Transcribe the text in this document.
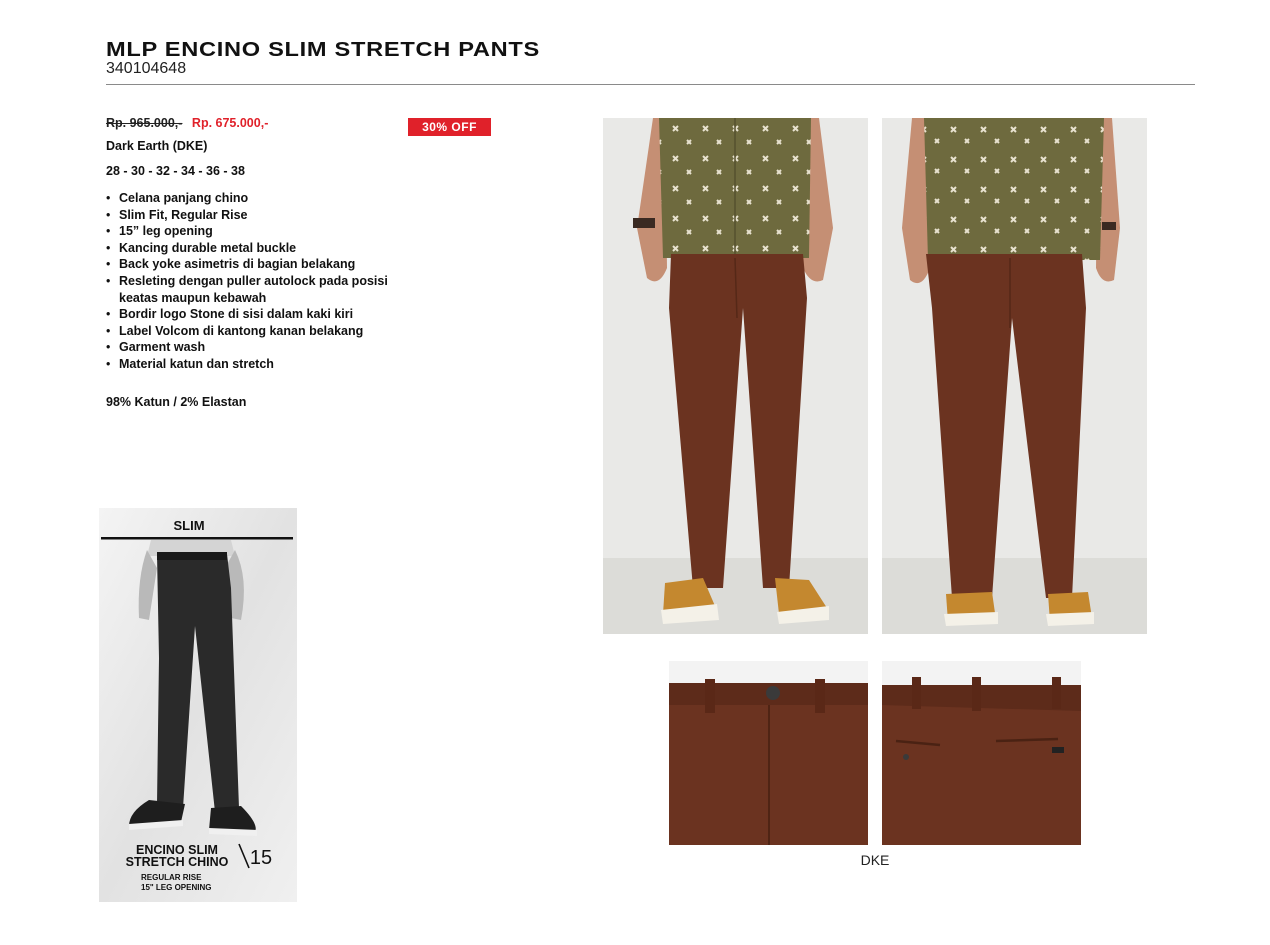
MLP ENCINO SLIM STRETCH PANTS
340104648
Rp. 965.000,- Rp. 675.000,-	30% OFF
Dark Earth (DKE)
28 - 30 - 32 - 34 - 36 - 38
• Celana panjang chino
• Slim Fit, Regular Rise
• 15” leg opening
• Kancing durable metal buckle
• Back yoke asimetris di bagian belakang
• Resleting dengan puller autolock pada posisi keatas maupun kebawah
• Bordir logo Stone di sisi dalam kaki kiri
• Label Volcom di kantong kanan belakang
• Garment wash
• Material katun dan stretch
98% Katun / 2% Elastan
SLIM
ENCINO SLIM
STRETCH CHINO 15
REGULAR RISE
15" LEG OPENING
DKE
